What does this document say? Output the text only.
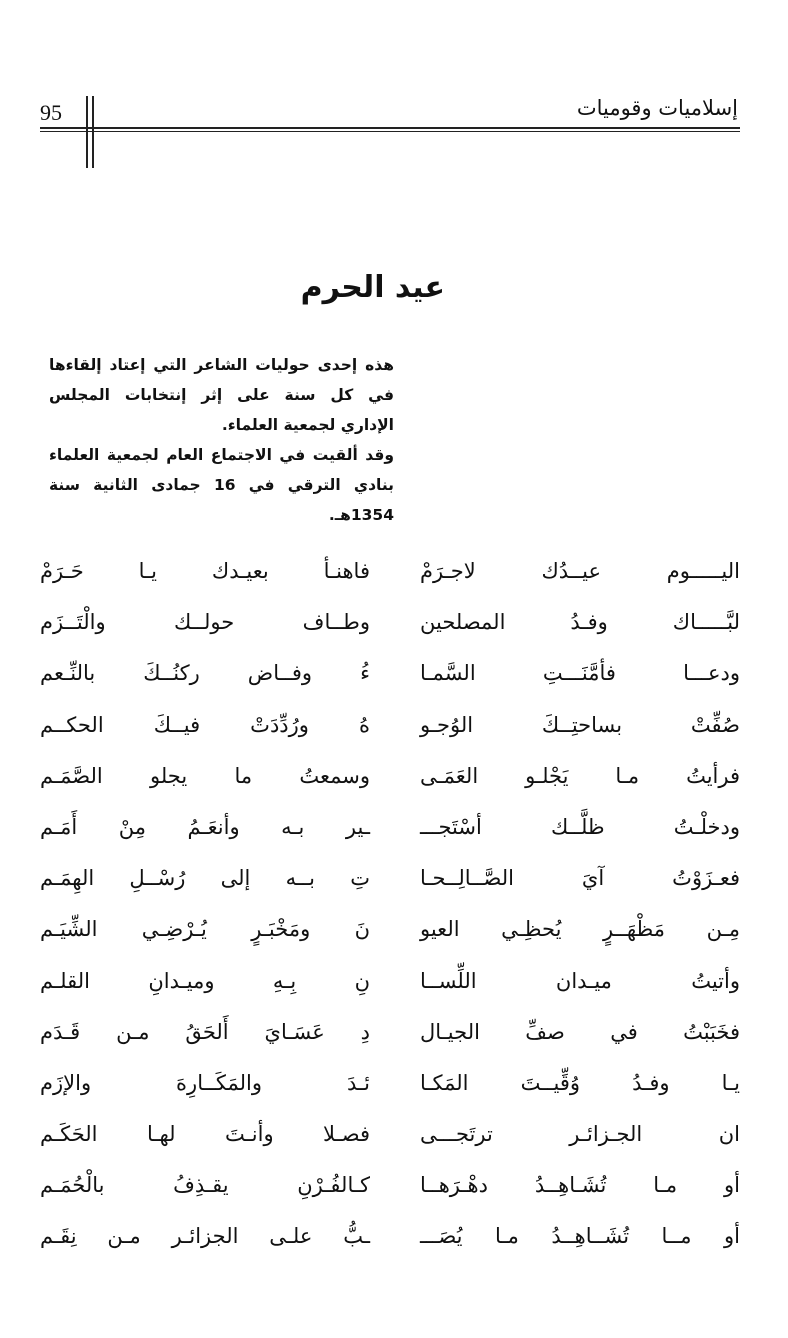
95	إسلاميات وقوميات
عيد الحرم

هذه إحدى حوليات الشاعر التي إعتاد إلقاءها في كل سنة على إثر إنتخابات المجلس الإداري لجمعية العلماء.

وقد ألقيت في الاجتماع العام لجمعية العلماء بنادي الترقي في 16 جمادى الثانية سنة 1354هـ.

اليـــــوم عيــدُك لاجـرَمْ
فاهنـأ بعيـدك يـا حَـرَمْ
لبَّـــــاك وفـدُ المصلحين
وطــاف حولــك والْتَــزَم
ودعـــا فأمَّنَـــتِ السَّمـا
ءُ وفــاض ركنُــكَ بالنِّـعم
صُفِّتْ بساحتِــكَ الوُجـو
هُ ورُدِّدَتْ فيــكَ الحكــم
فرأيتُ مـا يَجْلـو العَمَـى
وسمعتُ ما يجلو الصَّمَـم
ودخلْـتُ ظلَّــك أسْتَجـــ
ـير بـه وأنعَـمُ مِنْ أَمَـم
فعـزَوْتُ آيَ الصَّــالِــحـا
تِ بــه إلى رُسْــلِ الهِمَـم
مِـن مَظْهَــرٍ يُحظِـي العيو
نَ ومَخْبَـرٍ يُـرْضِـي الشِّيَـم
وأتيتُ ميـدان اللِّســا
نِ بِـهِ وميـدانِ القلـم
فخَبَبْتُ في صفِّ الجيـال
دِ عَسَـايَ أَلحَقُ مـن قَـدَم
يـا وفـدُ وُقِّيــتَ المَكـا
ئـدَ والمَكَــارِهَ والإزَم
ان الجـزائـر ترتَجـــى
فصـلا وأنـتَ لهـا الحَكَـم
أو مـا تُشَـاهِــدُ دهْـرَهــا
كـالفُـرْنِ يقـذِفُ بالْحُمَـم
أو مــا تُشَــاهِــدُ مـا يُصَـــ
ـبُّ علـى الجزائـر مـن نِقَـم
